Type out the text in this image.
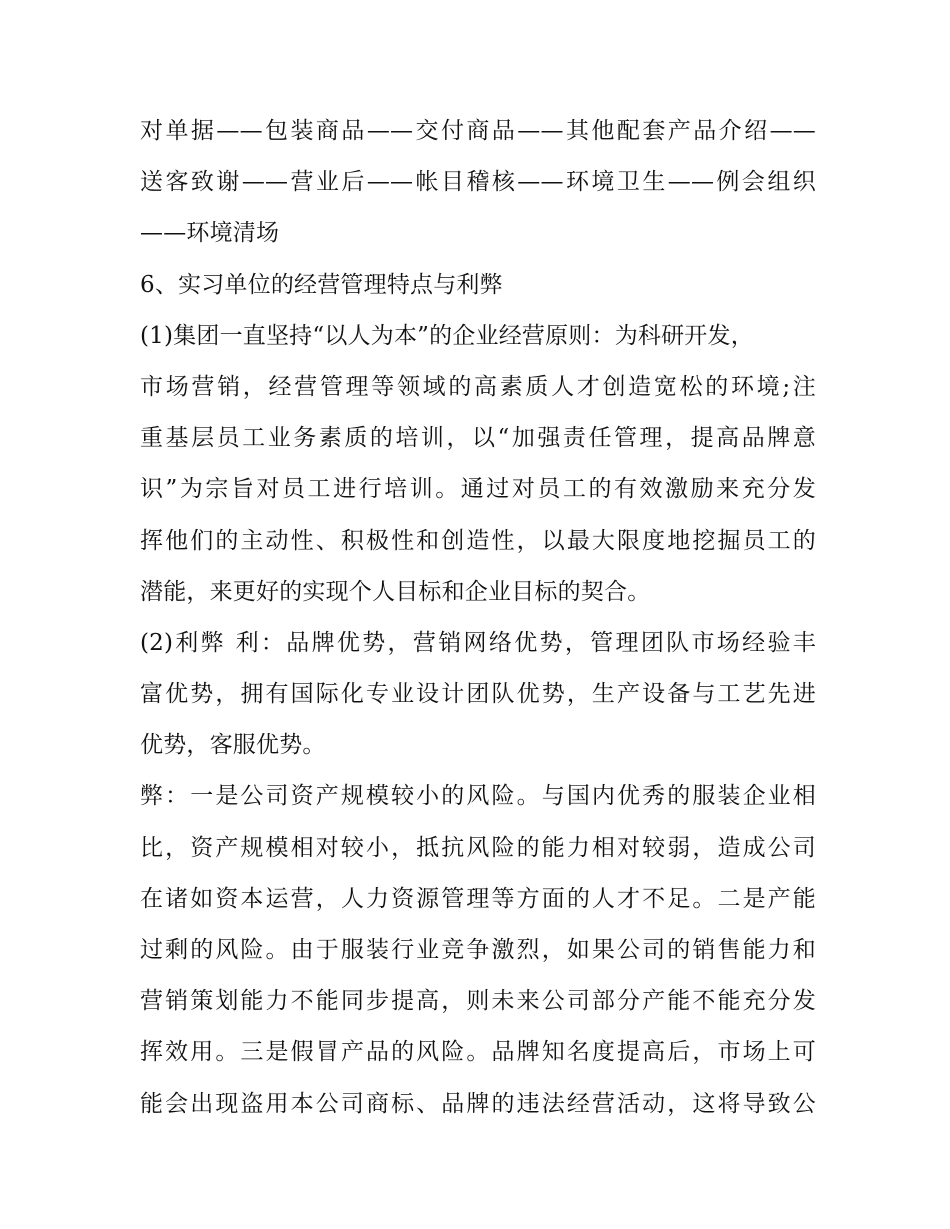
对单据——包装商品——交付商品——其他配套产品介绍——
送客致谢——营业后——帐目稽核——环境卫生——例会组织
——环境清场
6、实习单位的经营管理特点与利弊
(1)集团一直坚持“以人为本”的企业经营原则：为科研开发，
市场营销，经营管理等领域的高素质人才创造宽松的环境;注
重基层员工业务素质的培训，以“加强责任管理，提高品牌意
识”为宗旨对员工进行培训。通过对员工的有效激励来充分发
挥他们的主动性、积极性和创造性，以最大限度地挖掘员工的
潜能，来更好的实现个人目标和企业目标的契合。
(2)利弊 利：品牌优势，营销网络优势，管理团队市场经验丰
富优势，拥有国际化专业设计团队优势，生产设备与工艺先进
优势，客服优势。
弊：一是公司资产规模较小的风险。与国内优秀的服装企业相
比，资产规模相对较小，抵抗风险的能力相对较弱，造成公司
在诸如资本运营，人力资源管理等方面的人才不足。二是产能
过剩的风险。由于服装行业竞争激烈，如果公司的销售能力和
营销策划能力不能同步提高，则未来公司部分产能不能充分发
挥效用。三是假冒产品的风险。品牌知名度提高后，市场上可
能会出现盗用本公司商标、品牌的违法经营活动，这将导致公
